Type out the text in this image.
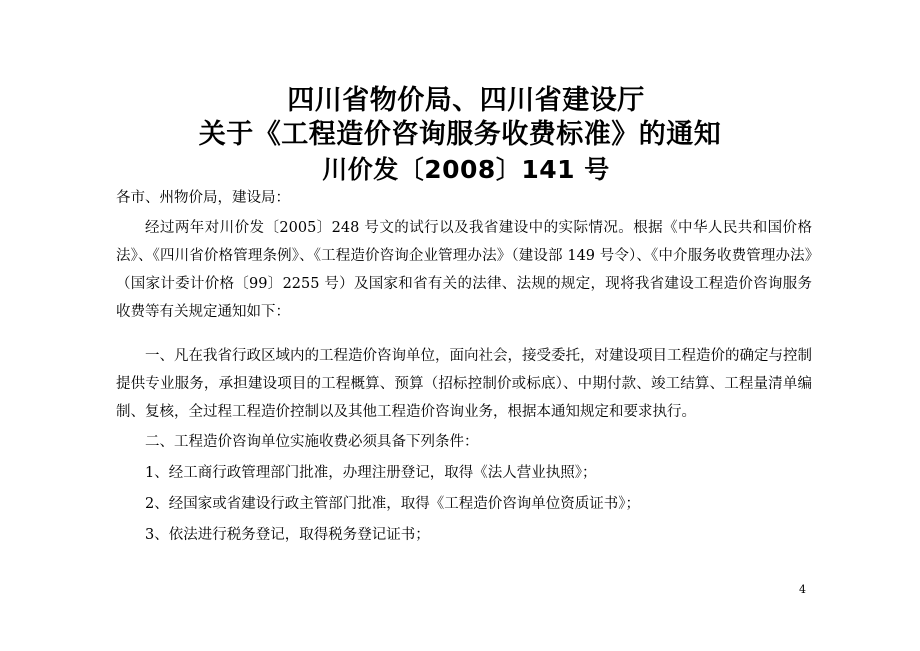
四川省物价局、四川省建设厅
关于《工程造价咨询服务收费标准》的通知
川价发〔2008〕141 号
各市、州物价局，建设局：
经过两年对川价发〔2005〕248 号文的试行以及我省建设中的实际情况。根据《中华人民共和国价格法》、《四川省价格管理条例》、《工程造价咨询企业管理办法》（建设部 149 号令）、《中介服务收费管理办法》（国家计委计价格〔99〕2255 号）及国家和省有关的法律、法规的规定，现将我省建设工程造价咨询服务收费等有关规定通知如下：
一、凡在我省行政区域内的工程造价咨询单位，面向社会，接受委托，对建设项目工程造价的确定与控制提供专业服务，承担建设项目的工程概算、预算（招标控制价或标底）、中期付款、竣工结算、工程量清单编制、复核，全过程工程造价控制以及其他工程造价咨询业务，根据本通知规定和要求执行。
二、工程造价咨询单位实施收费必须具备下列条件：
1、经工商行政管理部门批准，办理注册登记，取得《法人营业执照》；
2、经国家或省建设行政主管部门批准，取得《工程造价咨询单位资质证书》；
3、依法进行税务登记，取得税务登记证书；
4
